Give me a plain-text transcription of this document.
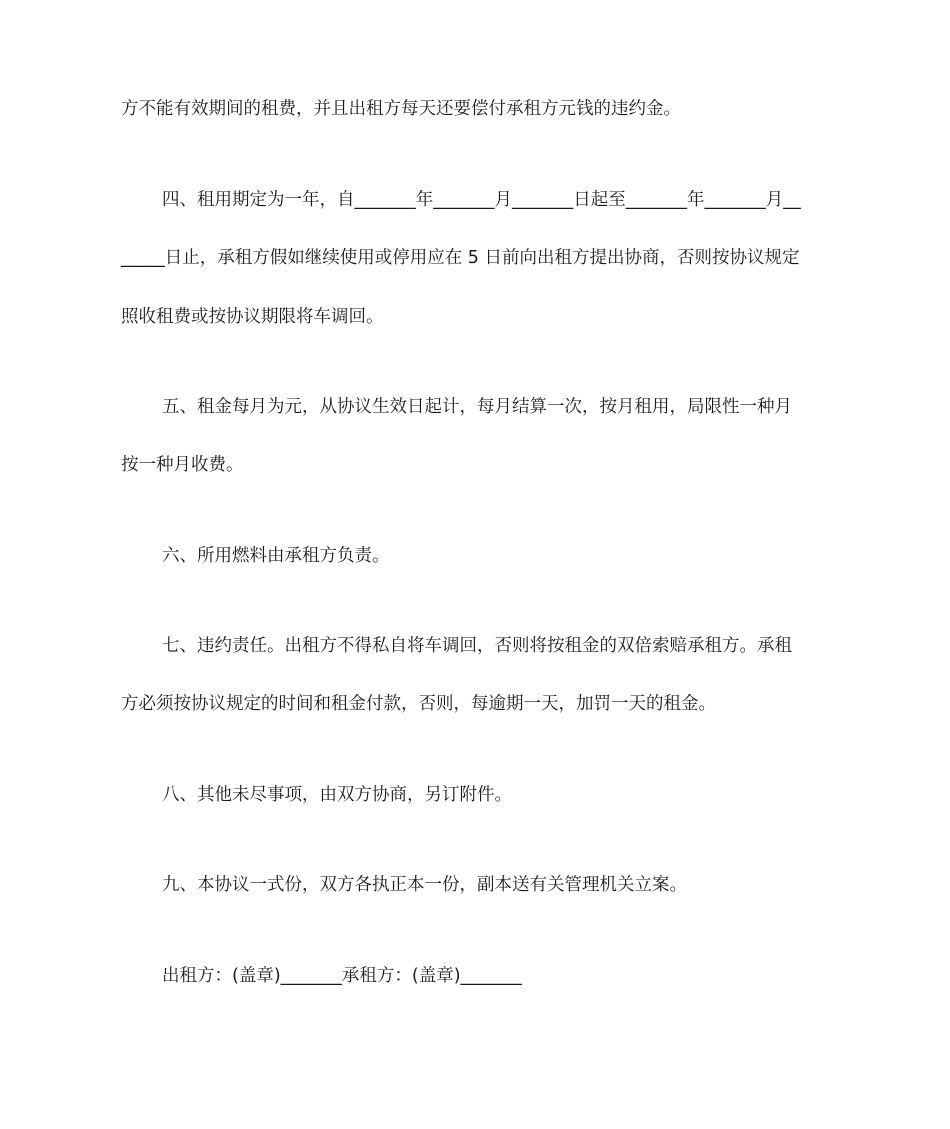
方不能有效期间的租费，并且出租方每天还要偿付承租方元钱的违约金。
四、租用期定为一年，自_______年_______月_______日起至_______年_______月__
_____日止，承租方假如继续使用或停用应在 5 日前向出租方提出协商，否则按协议规定
照收租费或按协议期限将车调回。
五、租金每月为元，从协议生效日起计，每月结算一次，按月租用，局限性一种月
按一种月收费。
六、所用燃料由承租方负责。
七、违约责任。出租方不得私自将车调回，否则将按租金的双倍索赔承租方。承租
方必须按协议规定的时间和租金付款，否则，每逾期一天，加罚一天的租金。
八、其他未尽事项，由双方协商，另订附件。
九、本协议一式份，双方各执正本一份，副本送有关管理机关立案。
出租方：(盖章)_______承租方：(盖章)_______
